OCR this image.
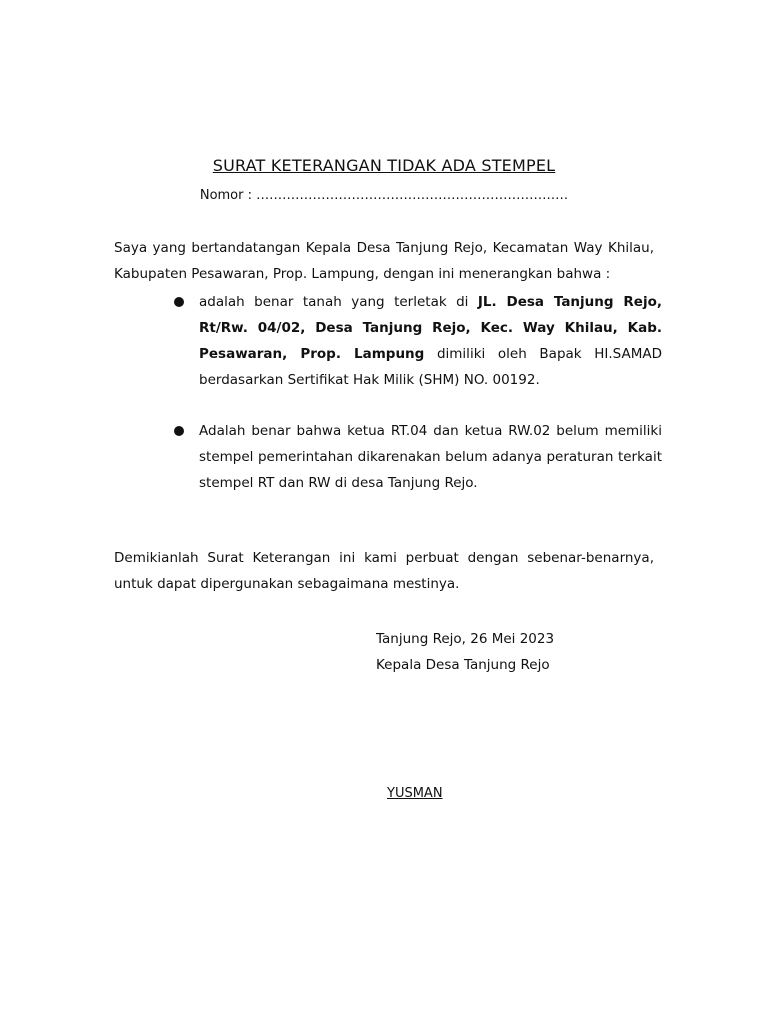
SURAT KETERANGAN TIDAK ADA STEMPEL
Nomor : ………………………………………………………………
Saya yang bertandatangan Kepala Desa Tanjung Rejo, Kecamatan Way Khilau, Kabupaten Pesawaran, Prop. Lampung, dengan ini menerangkan bahwa :
adalah benar tanah yang terletak di JL. Desa Tanjung Rejo, Rt/Rw. 04/02, Desa Tanjung Rejo, Kec. Way Khilau, Kab. Pesawaran, Prop. Lampung dimiliki oleh Bapak HI.SAMAD berdasarkan Sertifikat Hak Milik (SHM) NO. 00192.
Adalah benar bahwa ketua RT.04 dan ketua RW.02 belum memiliki stempel pemerintahan dikarenakan belum adanya peraturan terkait stempel RT dan RW di desa Tanjung Rejo.
Demikianlah Surat Keterangan ini kami perbuat dengan sebenar-benarnya, untuk dapat dipergunakan sebagaimana mestinya.
Tanjung Rejo, 26 Mei 2023
Kepala Desa Tanjung Rejo
YUSMAN
